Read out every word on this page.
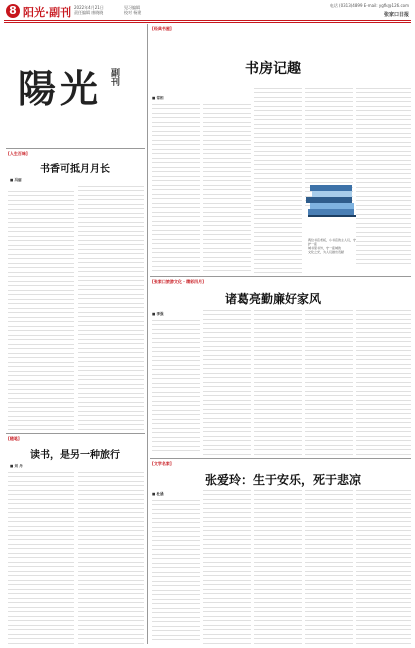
8 阳光·副刊 2022年4月21日
责任编辑 康晓晓
见习编辑
校对 杨建
电话 (0313)4899 E-mail: ygfk@126.com
张家口日报
陽光 副刊
[人生百味]
书香可抵月月长
■ 冯丽
[随笔]
读书，是另一种旅行
■ 刘 丹
[经典书屋]
书房记趣
■ 常相
两位书店老板，小书店的主人们，守护一座
城书里书外，守一座城的
文化之光，为人们做出贡献
[张家口旅游文化 · 精彩四月]
诸葛亮勤廉好家风
■ 季强
[文学名家]
张爱玲：生于安乐，死于悲凉
■ 杜涵
